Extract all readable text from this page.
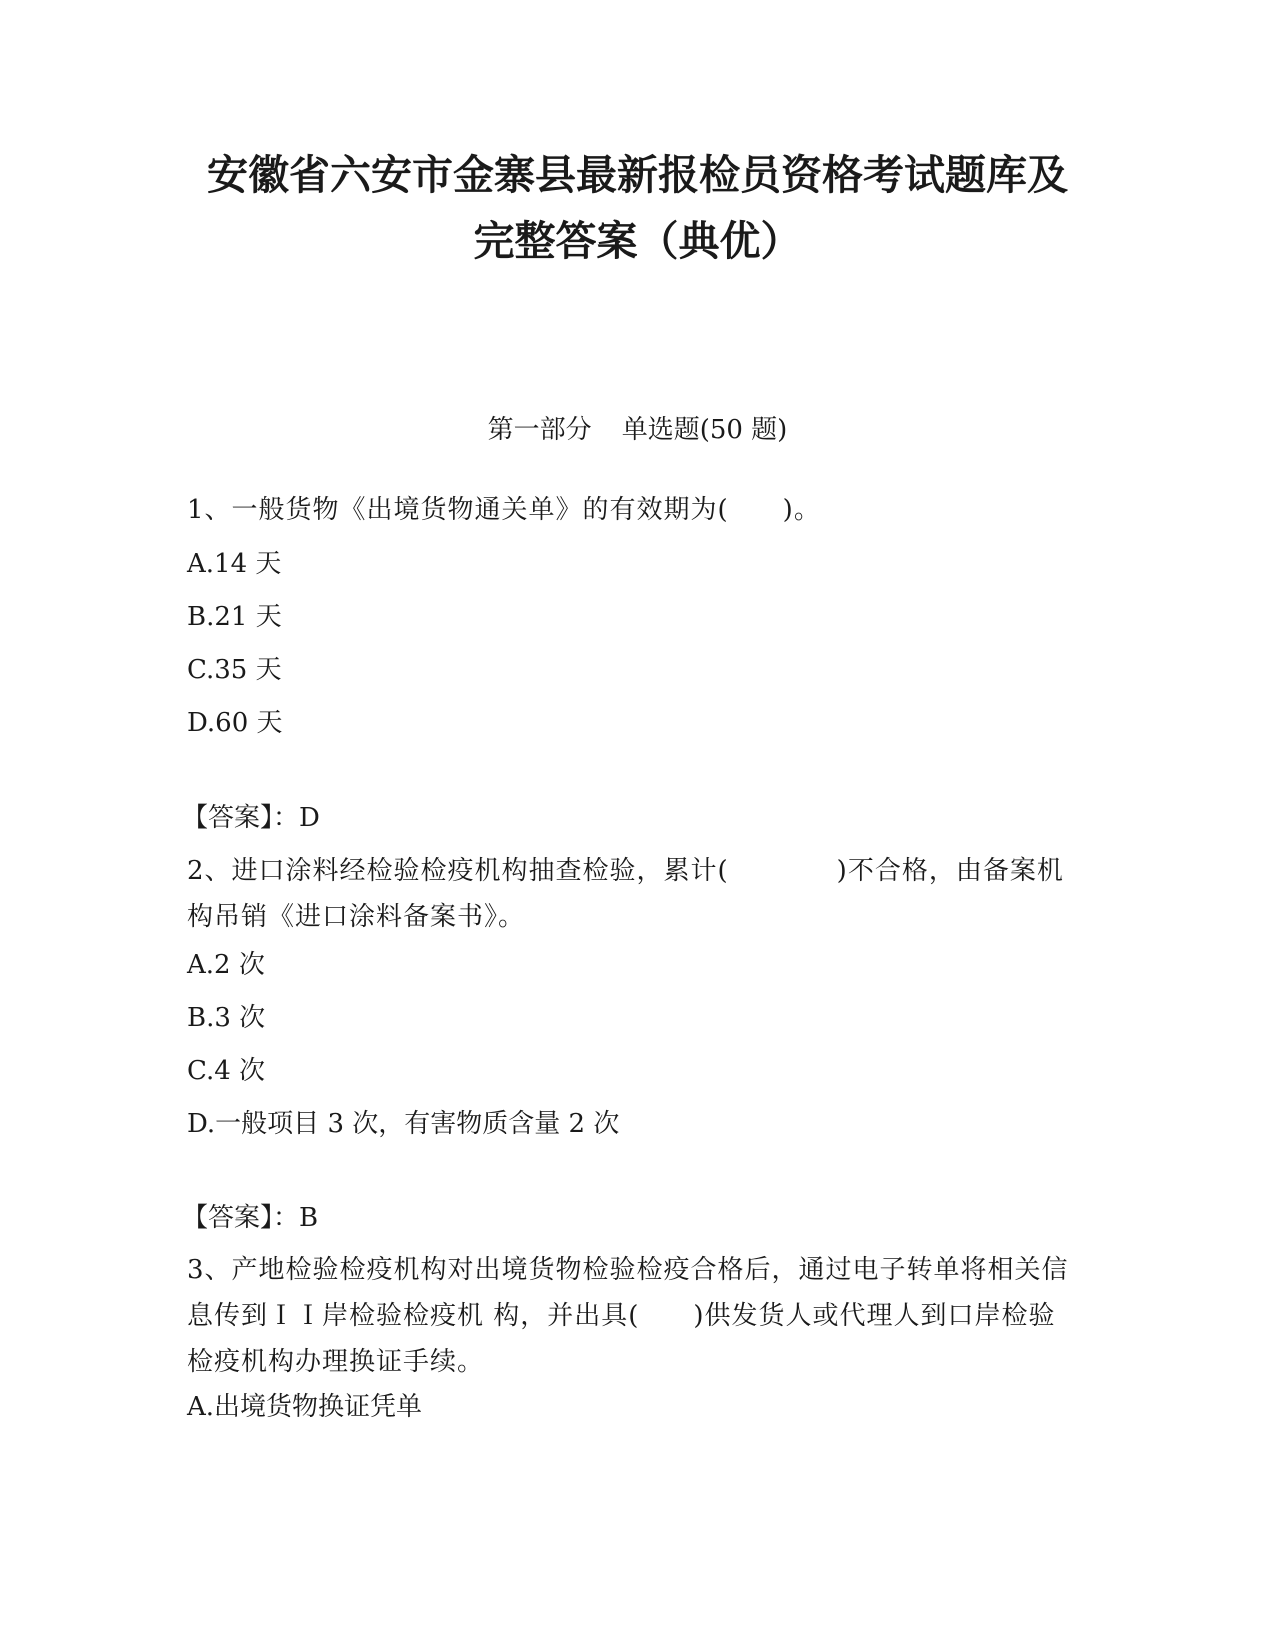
安徽省六安市金寨县最新报检员资格考试题库及
完整答案（典优）
第一部分 单选题(50 题)
1、一般货物《出境货物通关单》的有效期为(　　)。
A.14 天
B.21 天
C.35 天
D.60 天
【答案】：D
2、进口涂料经检验检疫机构抽查检验，累计(　　　　)不合格，由备案机构吊销《进口涂料备案书》。
A.2 次
B.3 次
C.4 次
D.一般项目 3 次，有害物质含量 2 次
【答案】：B
3、产地检验检疫机构对出境货物检验检疫合格后，通过电子转单将相关信息传到ＩＩ岸检验检疫机 构，并出具(　　)供发货人或代理人到口岸检验检疫机构办理换证手续。
A.出境货物换证凭单
